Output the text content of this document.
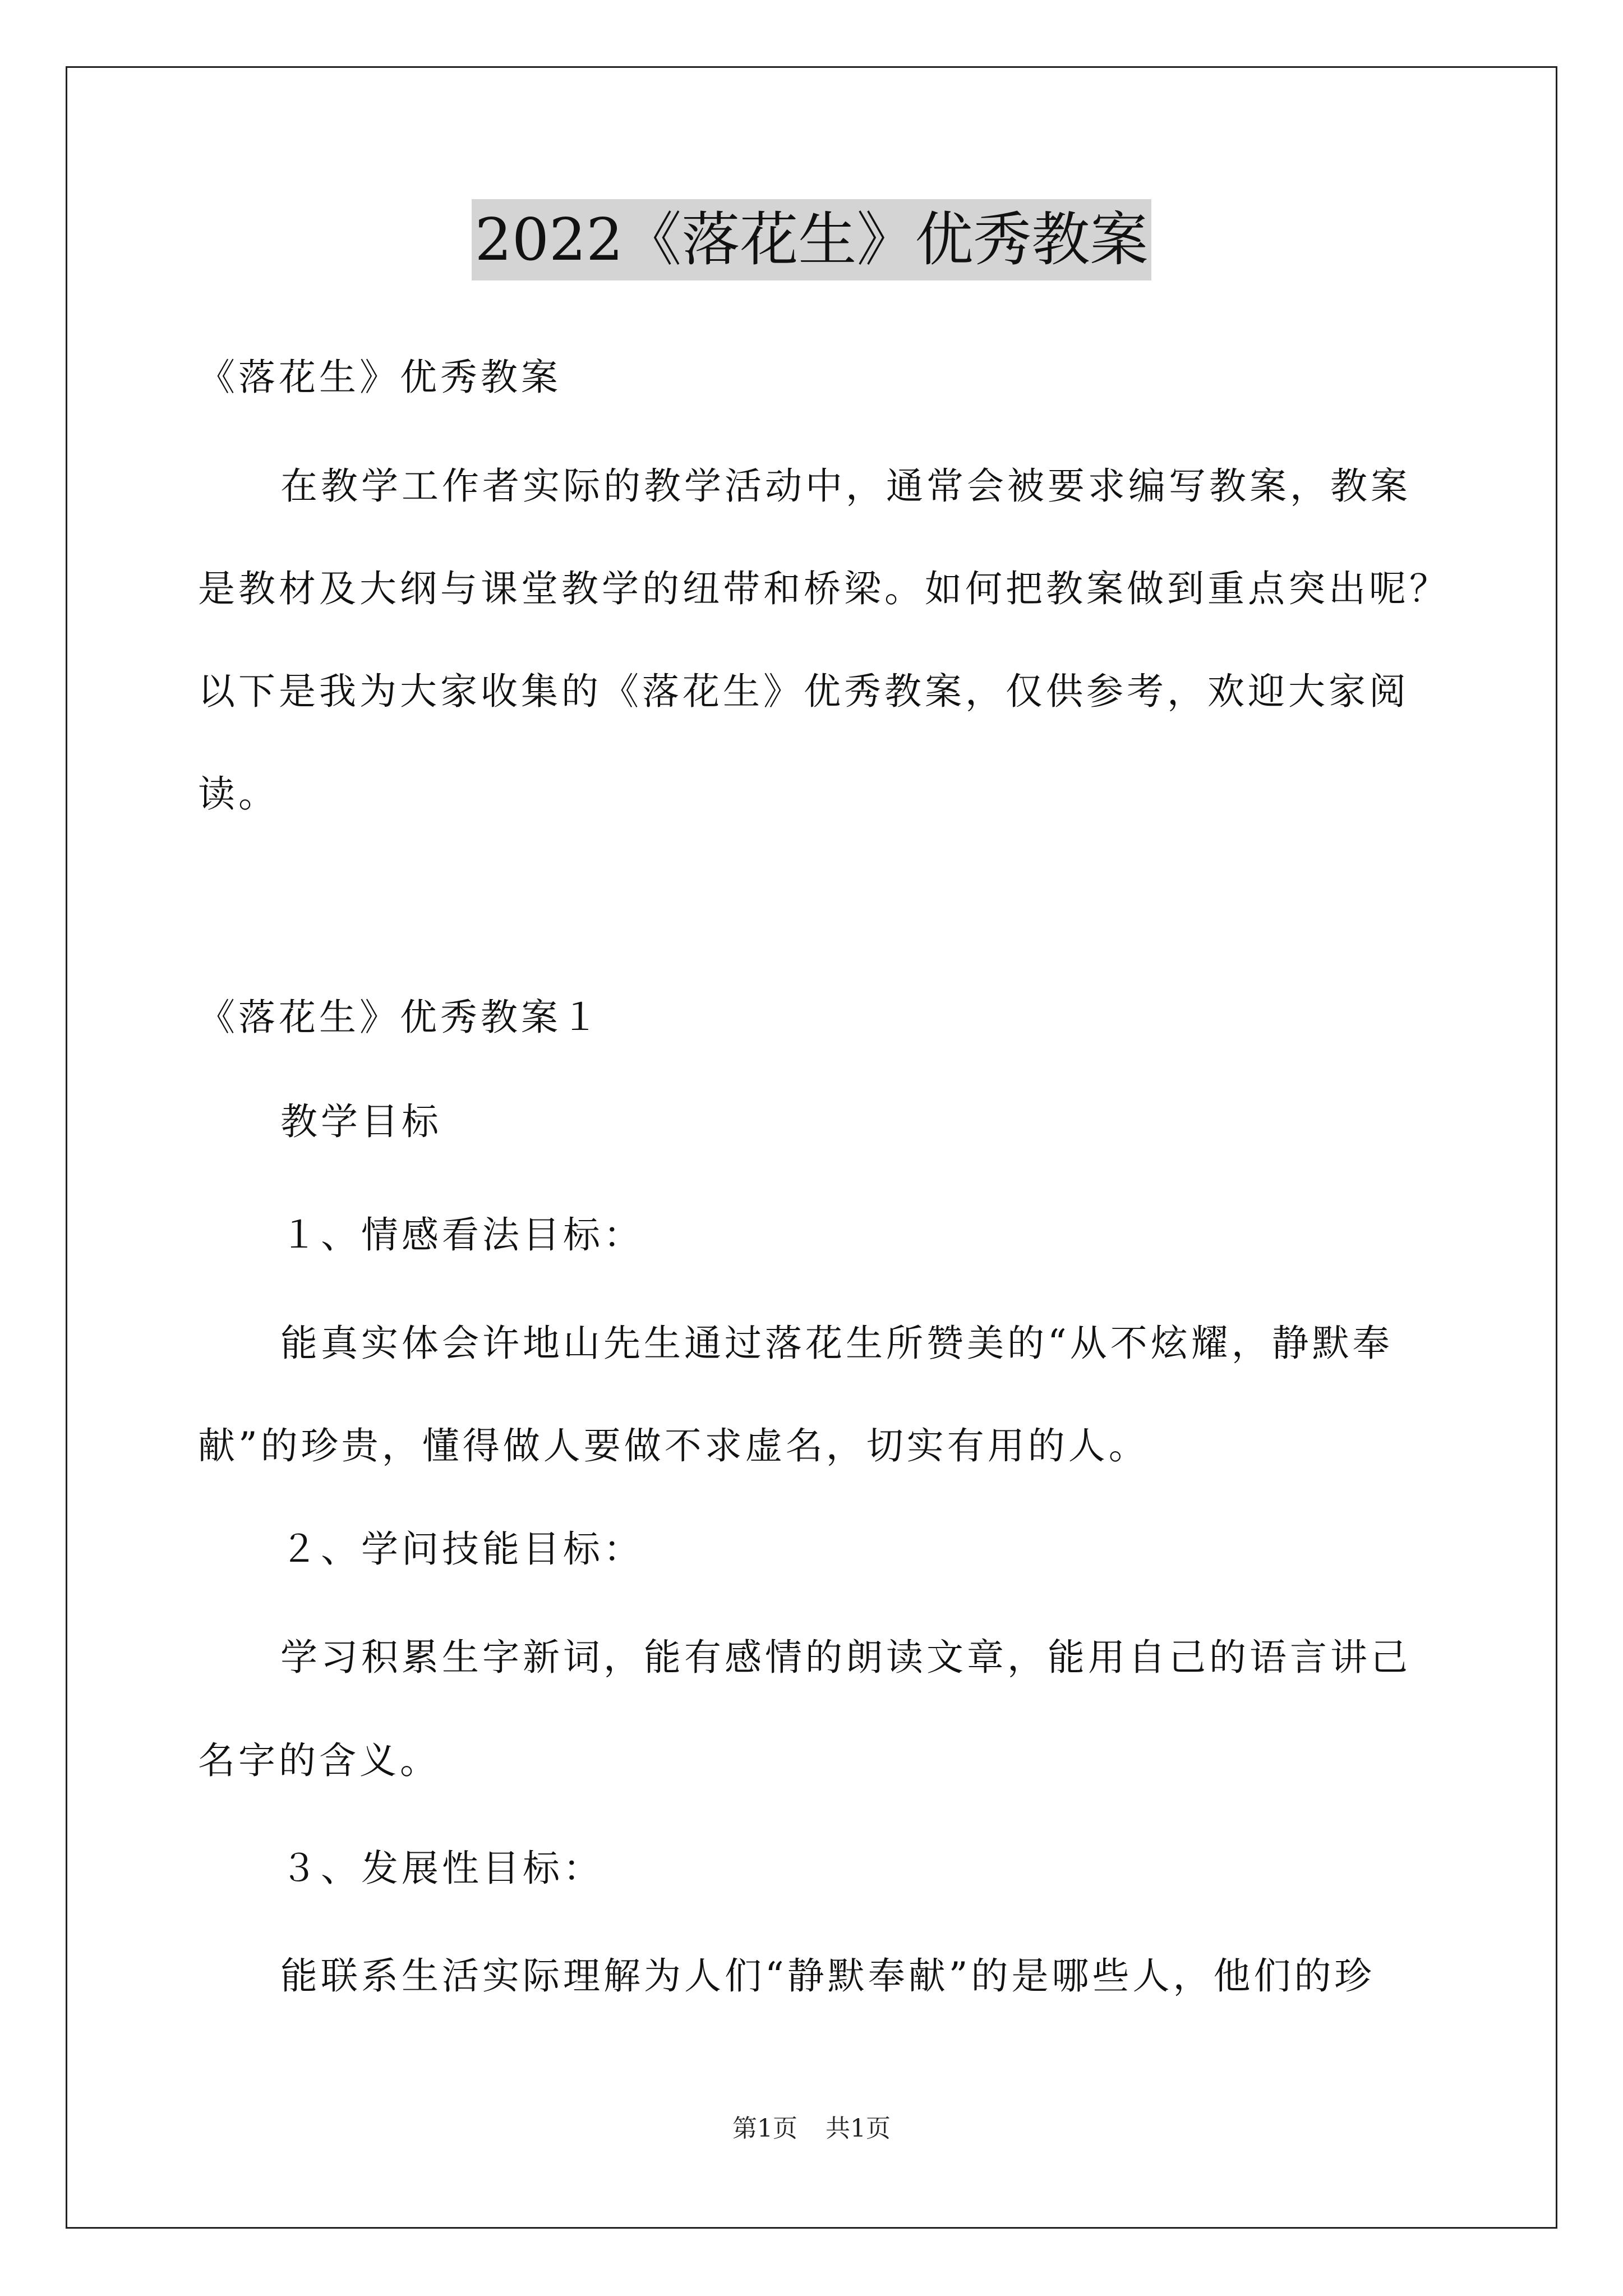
2022《落花生》优秀教案
《落花生》优秀教案
在教学工作者实际的教学活动中，通常会被要求编写教案，教案
是教材及大纲与课堂教学的纽带和桥梁。如何把教案做到重点突出呢？
以下是我为大家收集的《落花生》优秀教案，仅供参考，欢迎大家阅
读。
《落花生》优秀教案１
教学目标
１、情感看法目标：
能真实体会许地山先生通过落花生所赞美的“从不炫耀，静默奉
献”的珍贵，懂得做人要做不求虚名，切实有用的人。
２、学问技能目标：
学习积累生字新词，能有感情的朗读文章，能用自己的语言讲己
名字的含义。
３、发展性目标：
能联系生活实际理解为人们“静默奉献”的是哪些人，他们的珍
第1页 共1页
